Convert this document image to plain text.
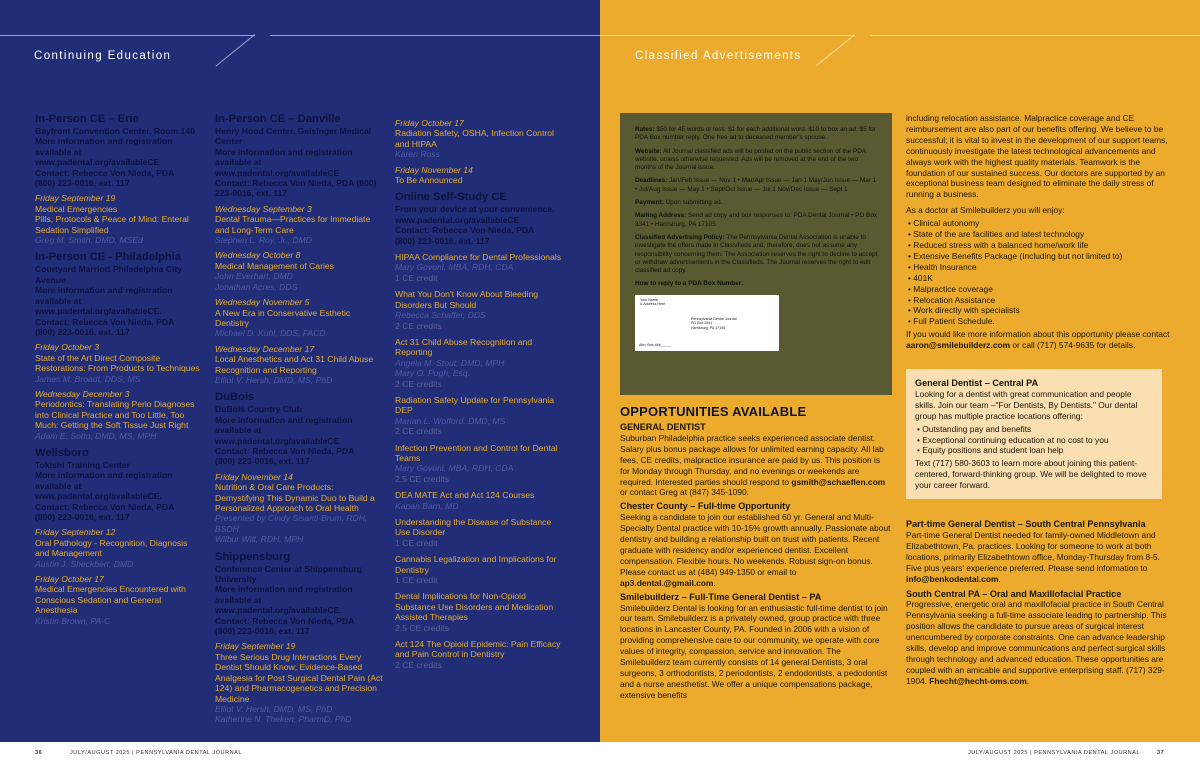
Continuing Education
In-Person CE – Erie
Bayfront Convention Center, Room 140
More information and registration available at www.padental.org/availableCE
Contact: Rebecca Von Nieda, PDA
(800) 223-0016, ext. 117
Friday September 19
Medical Emergencies
Pills, Protocols & Peace of Mind: Enteral Sedation Simplified
Greg M. Smith, DMD, MSEd
In-Person CE - Philadelphia
Courtyard Marriott Philadelphia City Avenue
More information and registration available at www.padental.org/availableCE.
Contact: Rebecca Von Nieda, PDA
(800) 223-0016, ext. 117
Friday October 3
State of the Art Direct Composite Restorations: From Products to Techniques
James M. Broadt, DDS, MS
Wednesday December 3
Periodontics: Translating Perio Diagnoses into Clinical Practice and Too Little, Too Much: Getting the Soft Tissue Just Right
Adam E. Sotto, DMD, MS, MPH
Wellsboro
Tokishi Training Center
More information and registration available at www.padental.org/availableCE.
Contact: Rebecca Von Nieda, PDA
(800) 223-0016, ext. 117
Friday September 12
Oral Pathology - Recognition, Diagnosis and Management
Austin J. Sheckbert, DMD
Friday October 17
Medical Emergencies Encountered with Conscious Sedation and General Anesthesia
Kristin Brown, PA-C
In-Person CE – Danville
Henry Hood Center, Geisinger Medical Center
More information and registration available at www.padental.org/availableCE
Contact: Rebecca Von Nieda, PDA (800) 223-0016, ext. 117
Wednesday September 3
Dental Trauma—Practices for Immediate and Long-Term Care
Stephen L. Roy, Jr., DMD
Wednesday October 8
Medical Management of Caries
John Everhart, DMD
Jonathan Acres, DDS
Wednesday November 5
A New Era in Conservative Esthetic Dentistry
Michael D. Kuhl, DDS, FACD
Wednesday December 17
Local Anesthetics and Act 31 Child Abuse Recognition and Reporting
Elliot V. Hersh, DMD, MS, PhD
DuBois
DuBois Country Club
More information and registration available at www.padental.org/availableCE
Contact: Rebecca Von Nieda, PDA
(800) 223-0016, ext. 117
Friday November 14
Nutrition & Oral Care Products: Demystifying This Dynamic Duo to Build a Personalized Approach to Oral Health
Presented by Cindy Sisanti-Brum, RDH, BSDH
Wilbur Wilt, RDH, MPH
Shippensburg
Conference Center at Shippensburg University
More information and registration available at www.padental.org/availableCE.
Contact: Rebecca Von Nieda, PDA
(800) 223-0016, ext. 117
Friday September 19
Three Serious Drug Interactions Every Dentist Should Know; Evidence-Based Analgesia for Post Surgical Dental Pain (Act 124) and Pharmacogenetics and Precision Medicine
Elliot V. Hersh, DMD, MS, PhD
Katherine N. Theken, PharmD, PhD
Friday October 17
Radiation Safety, OSHA, Infection Control and HIPAA
Karen Ross
Friday November 14
To Be Announced
Online Self-Study CE
From your device at your convenience.
www.padental.org/availableCE
Contact: Rebecca Von Nieda, PDA
(800) 223-0016, ext. 117
HIPAA Compliance for Dental Professionals
Mary Govoni, MBA, RDH, CDA
1 CE credit
What You Don't Know About Bleeding Disorders But Should
Rebecca Schaffer, DDS
2 CE credits
Act 31 Child Abuse Recognition and Reporting
Angela M. Stout, DMD, MPH
Mary O. Pugh, Esq.
2 CE credits
Radiation Safety Update for Pennsylvania DEP
Marian L. Wofford, DMD, MS
2 CE credits
Infection Prevention and Control for Dental Teams
Mary Govoni, MBA, RDH, CDA
2.5 CE credits
DEA MATE Act and Act 124 Courses
Kapan Barn, MD
Understanding the Disease of Substance Use Disorder
1 CE credit
Cannabis Legalization and Implications for Dentistry
1 CE credit
Dental Implications for Non-Opioid Substance Use Disorders and Medication Assisted Therapies
2.5 CE credits
Act 124 The Opioid Epidemic: Pain Efficacy and Pain Control in Dentistry
2 CE credits
Classified Advertisements

Rates: $50 for 45 words or less. $1 for each additional word. $10 to box an ad. $5 for PDA Box number reply. One free ad to deceased member's spouse.

Website: All Journal classified ads will be posted on the public section of the PDA website, unless otherwise requested. Ads will be removed at the end of the two months of the Journal issue.

Deadlines: Jan/Feb Issue — Nov 1 • Mar/Apr Issue — Jan 1 May/Jun Issue — Mar 1 • Jul/Aug Issue — May 1 • Sept/Oct Issue — Jul 1 Nov/Dec Issue — Sept 1

Payment: Upon submitting ad.

Mailing Address: Send ad copy and box responses to: PDA Dental Journal • PO Box 3341 • Harrisburg, PA 17105

Classified Advertising Policy: The Pennsylvania Dental Association is unable to investigate the offers made in Classifieds and, therefore, does not assume any responsibility concerning them. The Association reserves the right to decline to accept or withdraw advertisements in the Classifieds. The Journal reserves the right to edit classified ad copy.

How to reply to a PDA Box Number:

Your Name
& Address Here
Pennsylvania Dental Journal
PO Box 3341
Harrisburg, PA 17105
Attn: Box ###_____
OPPORTUNITIES AVAILABLE
GENERAL DENTIST

Suburban Philadelphia practice seeks experienced associate dentist. Salary plus bonus package allows for unlimited earning capacity. All lab fees, CE credits, malpractice insurance are paid by us. This position is for Monday through Thursday, and no evenings or weekends are required. Interested parties should respond to gsmith@schaeflen.com or contact Greg at (847) 345-1090.

Chester County – Full-time Opportunity

Seeking a candidate to join our established 60 yr. General and Multi-Specialty Dental practice with 10-15% growth annually. Passionate about dentistry and building a relationship built on trust with patients. Recent graduate with residency and/or experienced dentist. Excellent compensation. Flexible hours. No weekends. Robust sign-on bonus. Please contact us at (484) 949-1350 or email to ap3.dental.@gmail.com.

Smilebuilderz – Full-Time General Dentist – PA

Smilebuilderz Dental is looking for an enthusiastic full-time dentist to join our team. Smilebuilderz is a privately owned, group practice with three locations in Lancaster County, PA. Founded in 2006 with a vision of providing comprehensive care to our community, we operate with core values of integrity, compassion, service and innovation. The Smilebuilderz team currently consists of 14 general Dentists, 3 oral surgeons, 3 orthodontists, 2 periodontists, 2 endodontists, a pedodontist and a nurse anesthetist. We offer a unique compensations package, extensive benefits

including relocation assistance. Malpractice coverage and CE reimbursement are also part of our benefits offering. We believe to be successful; it is vital to invest in the development of our support teams, continuously investigate the latest technological advancements and always work with the highest quality materials. Teamwork is the foundation of our sustained success. Our doctors are supported by an exceptional business team designed to eliminate the daily stress of running a business.

As a doctor at Smilebuilderz you will enjoy:

• Clinical autonomy
• State of the are facilities and latest technology
• Reduced stress with a balanced home/work life
• Extensive Benefits Package (Including but not limited to)
• Health Insurance
• 401K
• Malpractice coverage
• Relocation Assistance
• Work directly with specialists
• Full Patient Schedule.

If you would like more information about this opportunity please contact aaron@smilebuilderz.com or call (717) 574-9635 for details.

General Dentist – Central PA

Looking for a dentist with great communication and people skills. Join our team –"For Dentists, By Dentists." Our dental group has multiple practice locations offering:

• Outstanding pay and benefits
• Exceptional continuing education at no cost to you
• Equity positions and student loan help

Text (717) 580-3603 to learn more about joining this patient-centered, forward-thinking group. We will be delighted to move your career forward.

Part-time General Dentist – South Central Pennsylvania

Part-time General Dentist needed for family-owned Middletown and Elizabethtown, Pa. practices. Looking for someone to work at both locations, primarily Elizabethtown office, Monday-Thursday from 8-5. Five plus years' experience preferred. Please send information to info@benkodental.com.

South Central PA – Oral and Maxillofacial Practice

Progressive, energetic oral and maxillofacial practice in South Central Pennsylvania seeking a full-time associate leading to partnership. This position allows the candidate to pursue areas of surgical interest unencumbered by corporate constraints. One can advance leadership skills, develop and improve communications and perfect surgical skills through technology and advanced education. These opportunities are coupled with an amicable and supportive enterprising staff. (717) 329-1904. Fhecht@hecht-oms.com.

36	JULY/AUGUST 2025 | PENNSYLVANIA DENTAL JOURNAL	JULY/AUGUST 2025 | PENNSYLVANIA DENTAL JOURNAL	37
